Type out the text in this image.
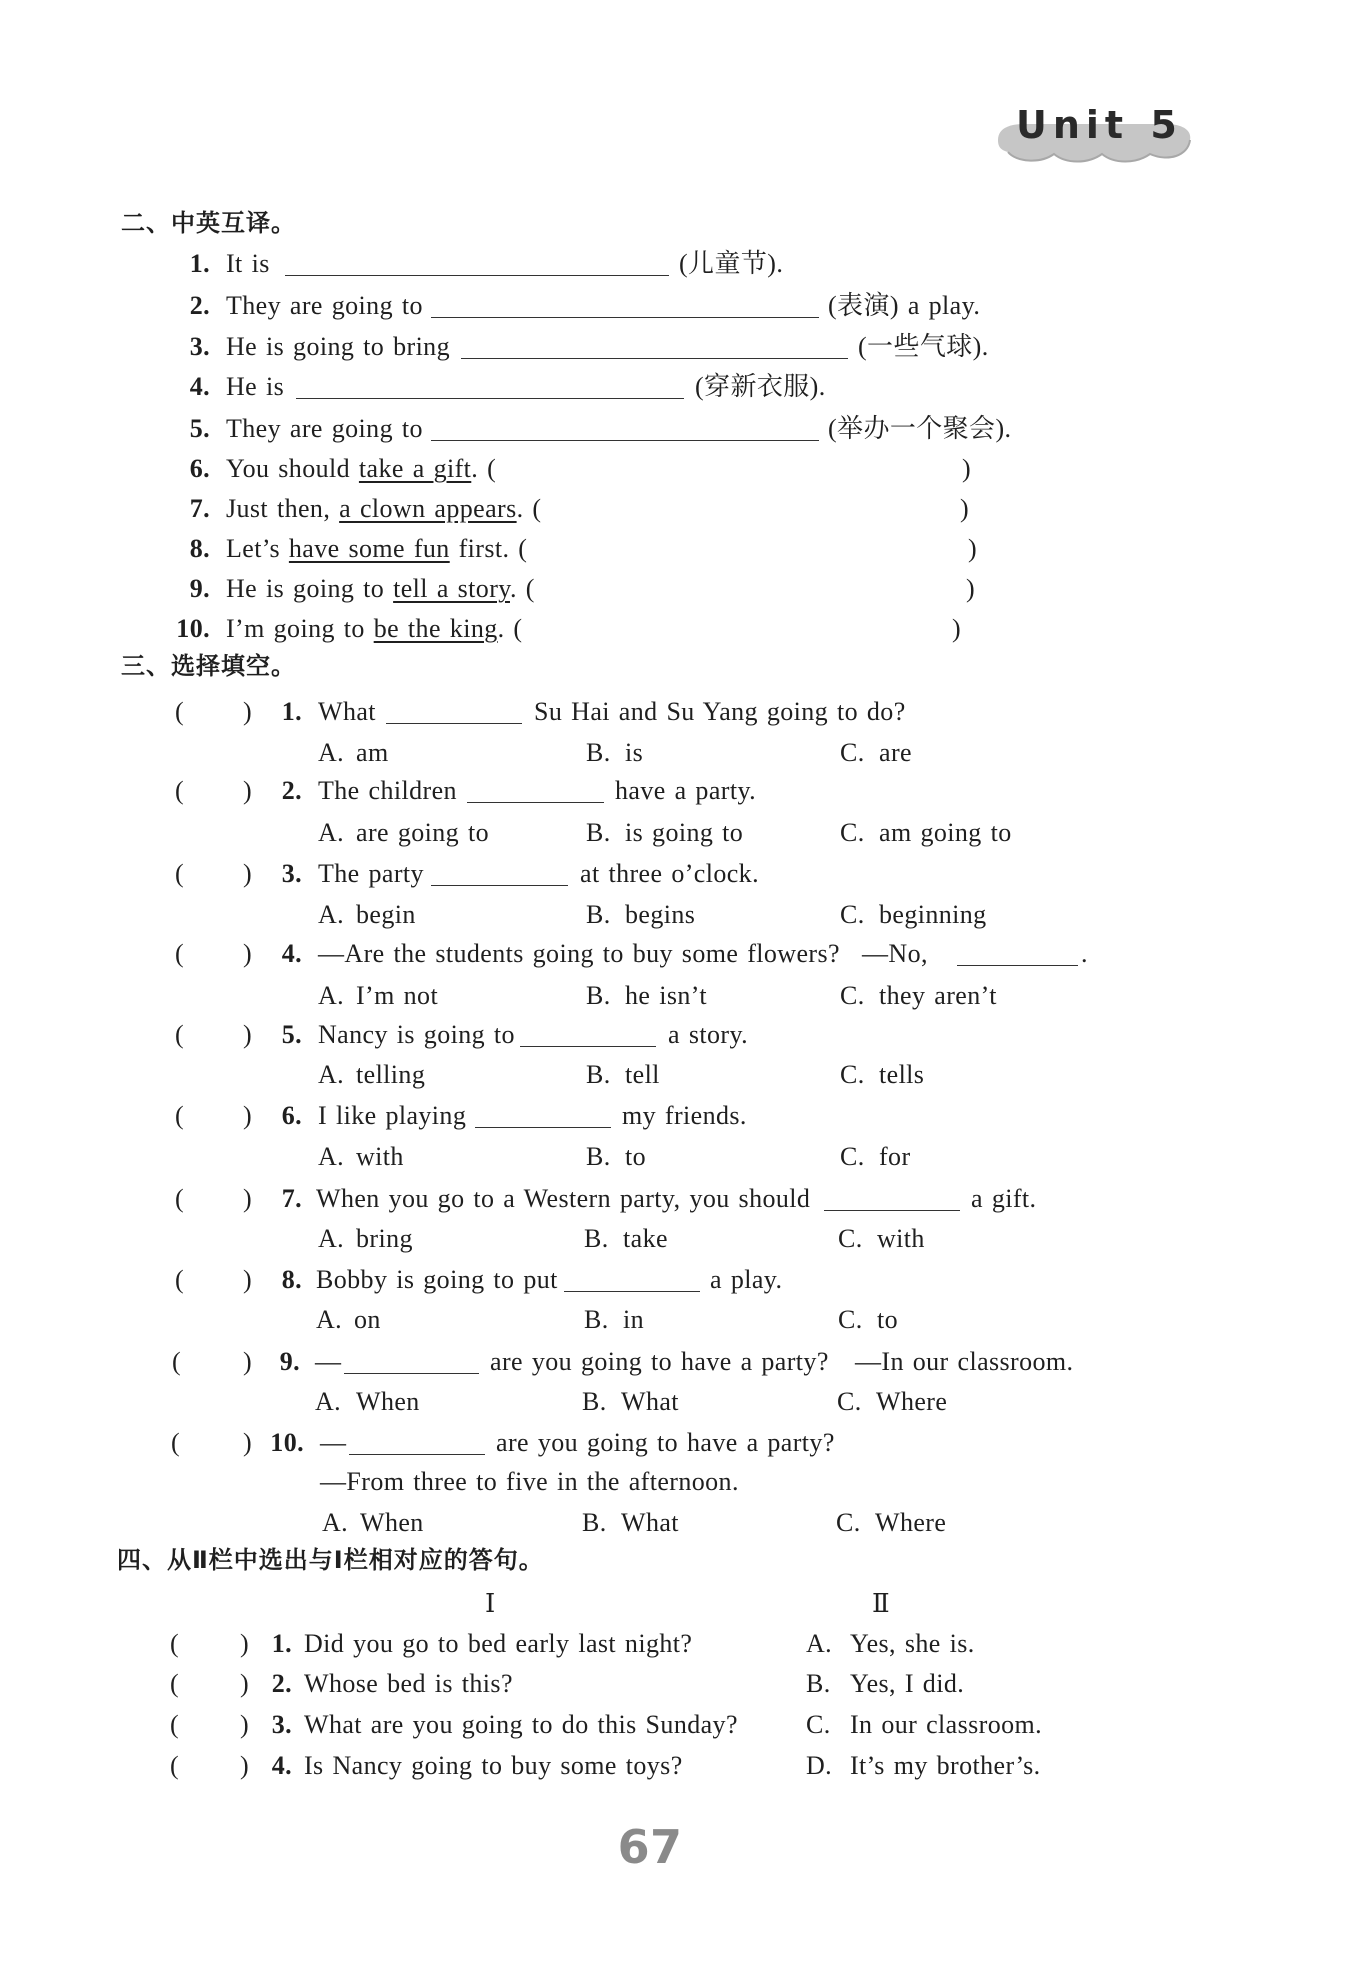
Unit 5
二、中英互译。
1. It is	(儿童节).
2. They are going to	(表演) a play.
3. He is going to bring	(一些气球).
4. He is	(穿新衣服).
5. They are going to	(举办一个聚会).
6. You should take a gift. (	)
7. Just then, a clown appears. (	)
8. Let’s have some fun first. (	)
9. He is going to tell a story. (	)
10. I’m going to be the king. (	)
三、选择填空。
( )	1. What	Su Hai and Su Yang going to do?
A. am	B. is	C. are
( )	2. The children	have a party.
A. are going to	B. is going to	C. am going to
( )	3. The party	at three o’clock.
A. begin	B. begins	C. beginning
( )	4. —Are the students going to buy some flowers? —No,	.
A. I’m not	B. he isn’t	C. they aren’t
( )	5. Nancy is going to	a story.
A. telling	B. tell	C. tells
( )	6. I like playing	my friends.
A. with	B. to	C. for
( )	7. When you go to a Western party, you should	a gift.
A. bring	B. take	C. with
( )	8. Bobby is going to put	a play.
A. on	B. in	C. to
( )	9. —	are you going to have a party? —In our classroom.
A. When	B. What	C. Where
( ) 10. —	are you going to have a party?
—From three to five in the afternoon.
A. When	B. What	C. Where
四、从Ⅱ栏中选出与Ⅰ栏相对应的答句。
Ⅰ	Ⅱ
( ) 1. Did you go to bed early last night?	A. Yes, she is.
( ) 2. Whose bed is this?	B. Yes, I did.
( ) 3. What are you going to do this Sunday?	C. In our classroom.
( ) 4. Is Nancy going to buy some toys?	D. It’s my brother’s.
67
